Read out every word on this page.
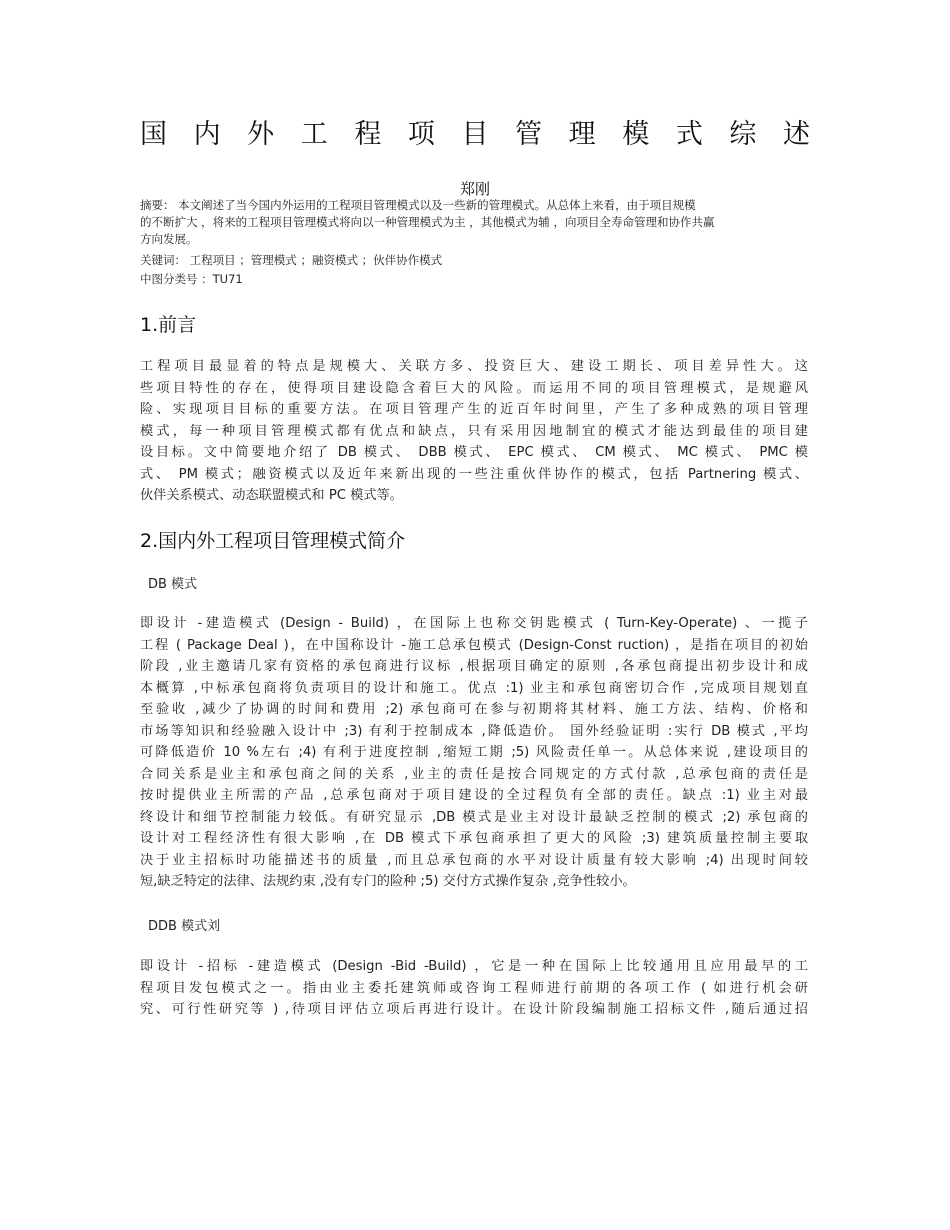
国 内 外 工 程 项 目 管 理 模 式 综 述
郑刚
摘要： 本文阐述了当今国内外运用的工程项目管理模式以及一些新的管理模式。从总体上来看，由于项目规模
的不断扩大 ，将来的工程项目管理模式将向以一种管理模式为主 ，其他模式为辅 ，向项目全寿命管理和协作共赢
方向发展。
关键词： 工程项目 ；管理模式 ；融资模式 ；伙伴协作模式
中图分类号 ：TU71
1.前言
工程项目最显着的特点是规模大、关联方多、投资巨大、建设工期长、项目差异性大。这
些项目特性的存在，使得项目建设隐含着巨大的风险。而运用不同的项目管理模式，是规避风
险、实现项目目标的重要方法。在项目管理产生的近百年时间里，产生了多种成熟的项目管理
模式，每一种项目管理模式都有优点和缺点，只有采用因地制宜的模式才能达到最佳的项目建
设目标。文中简要地介绍了 DB 模式、 DBB 模式、 EPC 模式、 CM 模式、 MC 模式、 PMC 模
式、 PM 模式；融资模式以及近年来新出现的一些注重伙伴协作的模式，包括 Partnering 模式、
伙伴关系模式、动态联盟模式和 PC 模式等。
2.国内外工程项目管理模式简介
DB 模式
即设计 -建造模式 (Design - Build) ，在国际上也称交钥匙模式 ( Turn-Key-Operate) 、一揽子
工程 ( Package Deal )，在中国称设计 -施工总承包模式 (Design-Const ruction) ，是指在项目的初始
阶段 ,业主邀请几家有资格的承包商进行议标 ,根据项目确定的原则 ,各承包商提出初步设计和成
本概算 ,中标承包商将负责项目的设计和施工。优点 :1) 业主和承包商密切合作 ,完成项目规划直
至验收 ,减少了协调的时间和费用 ;2) 承包商可在参与初期将其材料、施工方法、结构、价格和
市场等知识和经验融入设计中 ;3) 有利于控制成本 ,降低造价。 国外经验证明 :实行 DB 模式 ,平均
可降低造价 10 %左右 ;4) 有利于进度控制 ,缩短工期 ;5) 风险责任单一。从总体来说 ,建设项目的
合同关系是业主和承包商之间的关系 ,业主的责任是按合同规定的方式付款 ,总承包商的责任是
按时提供业主所需的产品 ,总承包商对于项目建设的全过程负有全部的责任。缺点 :1) 业主对最
终设计和细节控制能力较低。有研究显示 ,DB 模式是业主对设计最缺乏控制的模式 ;2) 承包商的
设计对工程经济性有很大影响 ,在 DB 模式下承包商承担了更大的风险 ;3) 建筑质量控制主要取
决于业主招标时功能描述书的质量 ,而且总承包商的水平对设计质量有较大影响 ;4) 出现时间较
短,缺乏特定的法律、法规约束 ,没有专门的险种 ;5) 交付方式操作复杂 ,竞争性较小。
DDB 模式刘
即设计 -招标 -建造模式 (Design -Bid -Build) ，它是一种在国际上比较通用且应用最早的工
程项目发包模式之一。指由业主委托建筑师或咨询工程师进行前期的各项工作 ( 如进行机会研
究、可行性研究等 ) ,待项目评估立项后再进行设计。在设计阶段编制施工招标文件 ,随后通过招
